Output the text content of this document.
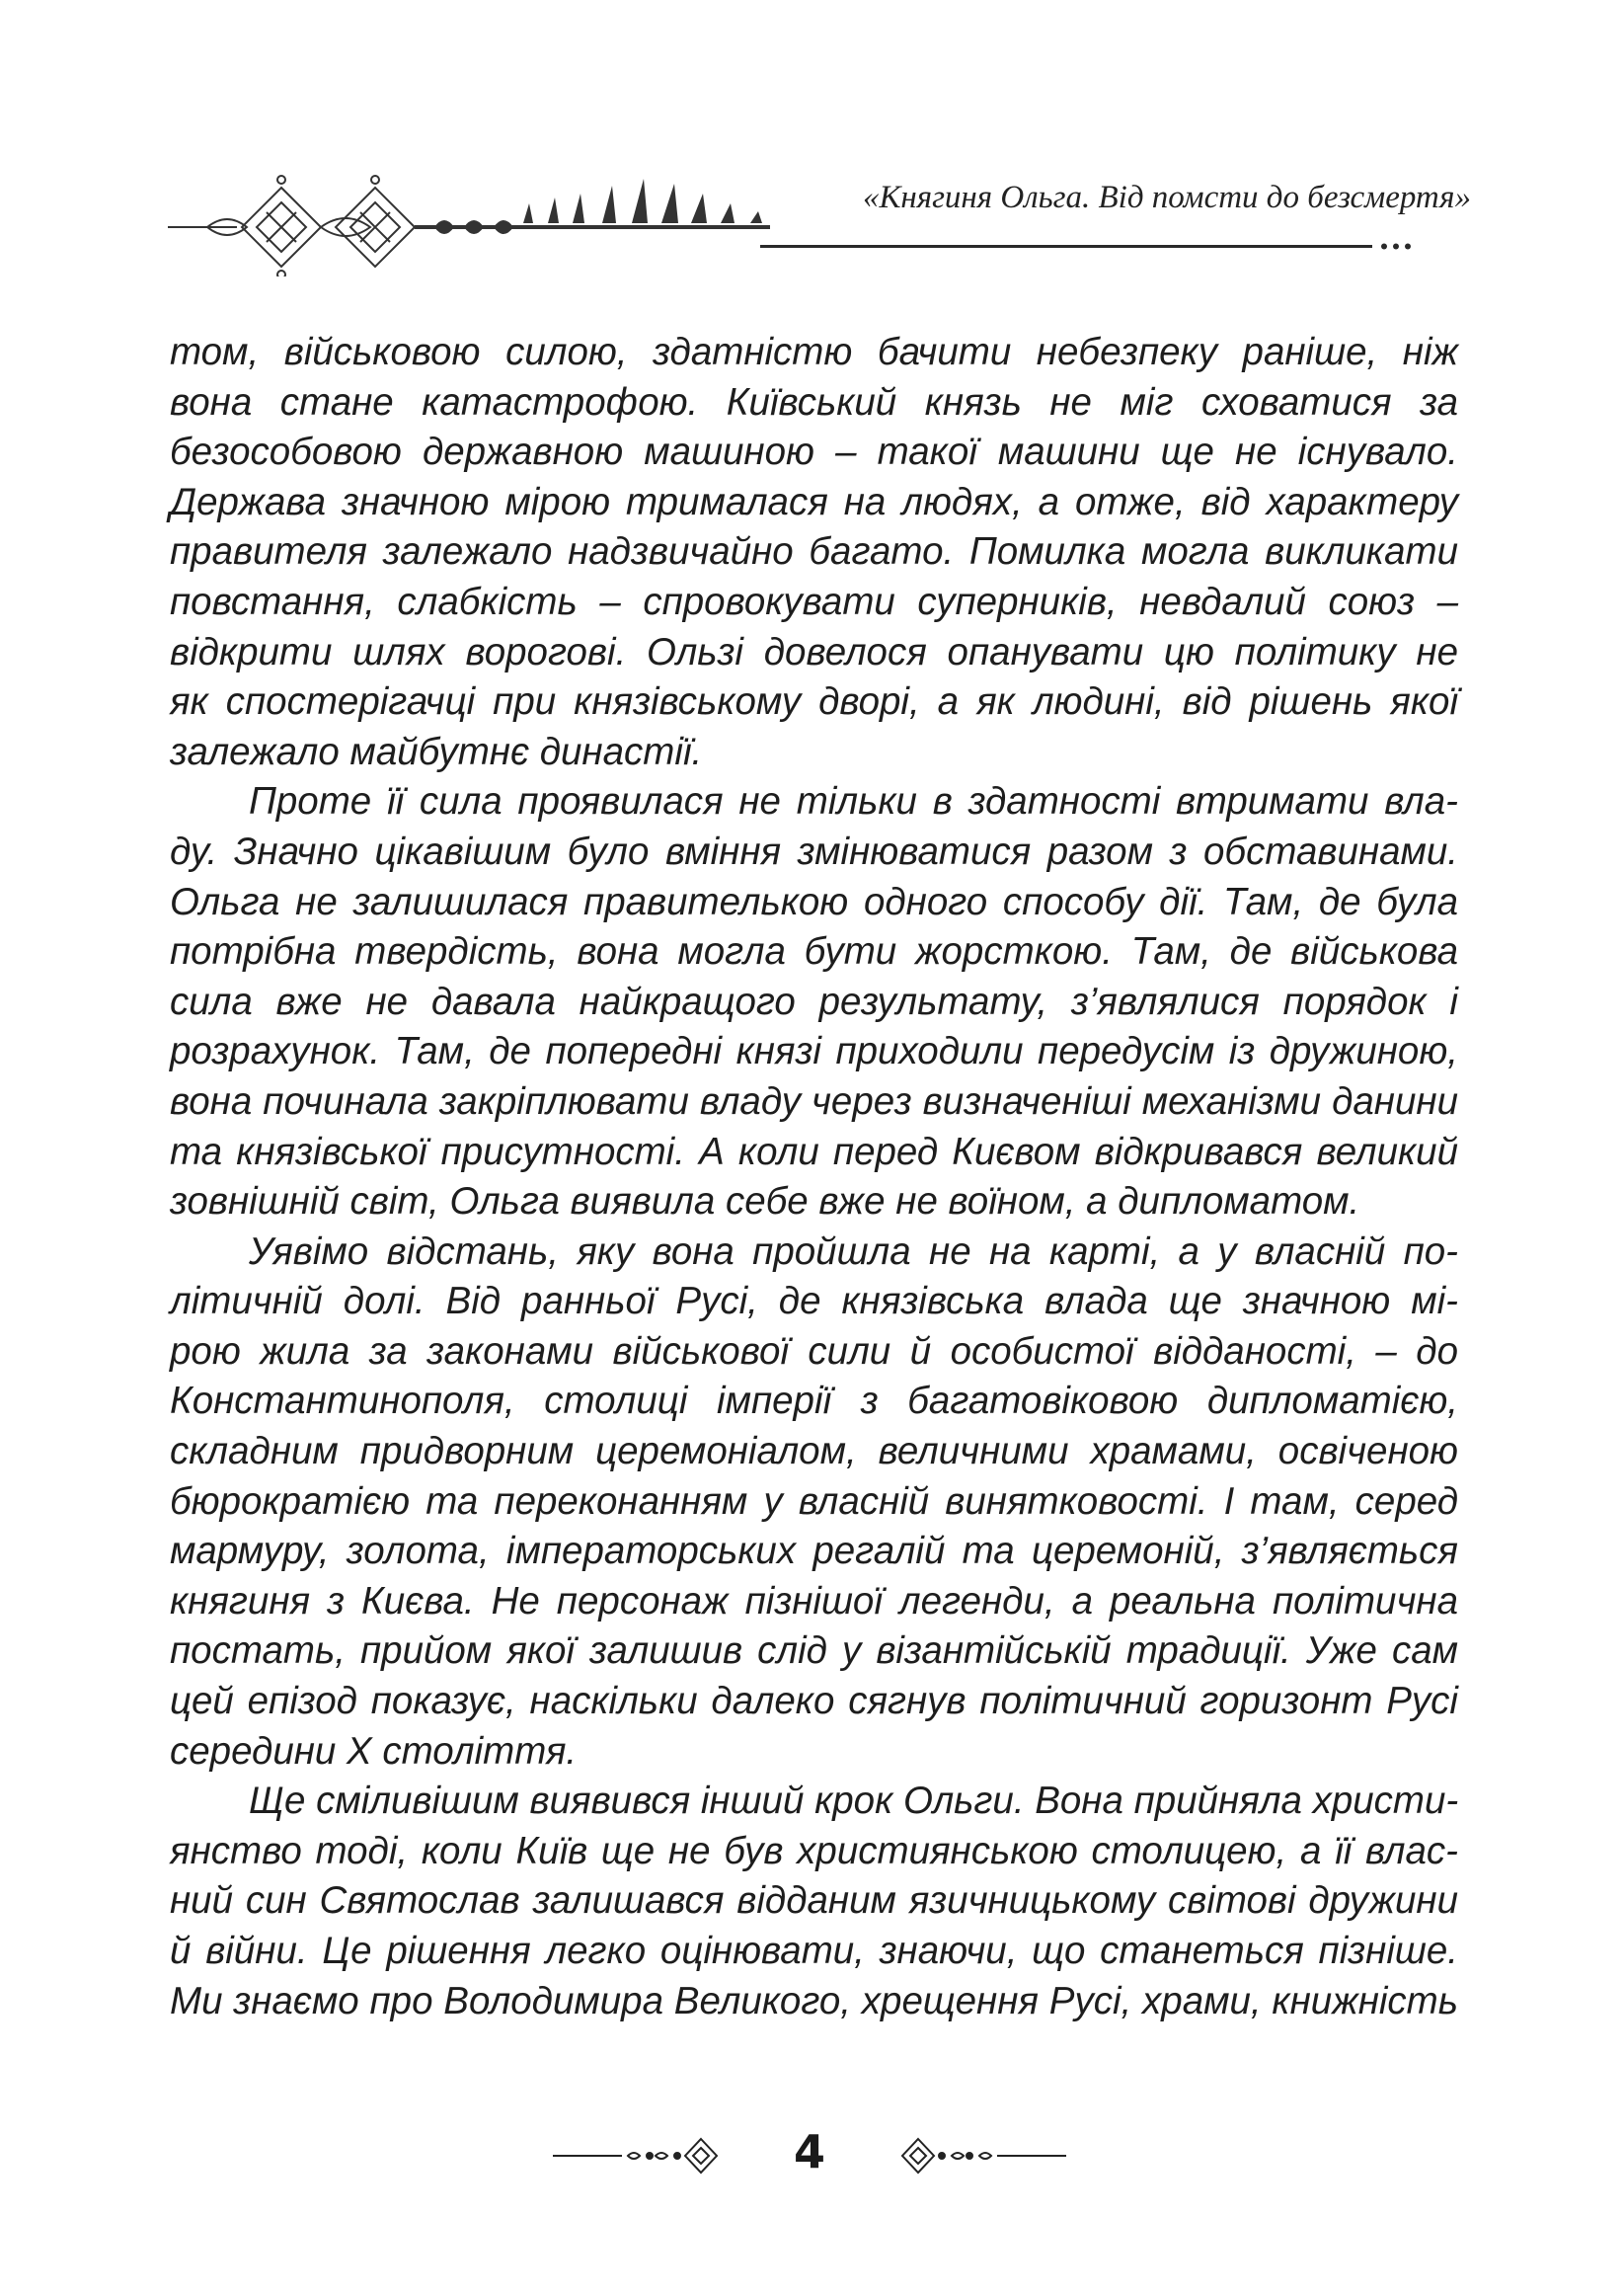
«Княгиня Ольга. Від помсти до безсмертя»
том, військовою силою, здатністю бачити небезпеку раніше, ніж
вона стане катастрофою. Київський князь не міг сховатися за
безособовою державною машиною – такої машини ще не існувало.
Держава значною мірою трималася на людях, а отже, від характеру
правителя залежало надзвичайно багато. Помилка могла викликати
повстання, слабкість – спровокувати суперників, невдалий союз –
відкрити шлях ворогові. Ользі довелося опанувати цю політику не
як спостерігачці при князівському дворі, а як людині, від рішень якої
залежало майбутнє династії.
Проте її сила проявилася не тільки в здатності втримати вла-
ду. Значно цікавішим було вміння змінюватися разом з обставинами.
Ольга не залишилася правителькою одного способу дії. Там, де була
потрібна твердість, вона могла бути жорсткою. Там, де військова
сила вже не давала найкращого результату, з’являлися порядок і
розрахунок. Там, де попередні князі приходили передусім із дружиною,
вона починала закріплювати владу через визначеніші механізми данини
та князівської присутності. А коли перед Києвом відкривався великий
зовнішній світ, Ольга виявила себе вже не воїном, а дипломатом.
Уявімо відстань, яку вона пройшла не на карті, а у власній по-
літичній долі. Від ранньої Русі, де князівська влада ще значною мі-
рою жила за законами військової сили й особистої відданості, – до
Константинополя, столиці імперії з багатовіковою дипломатією,
складним придворним церемоніалом, величними храмами, освіченою
бюрократією та переконанням у власній винятковості. І там, серед
мармуру, золота, імператорських регалій та церемоній, з’являється
княгиня з Києва. Не персонаж пізнішої легенди, а реальна політична
постать, прийом якої залишив слід у візантійській традиції. Уже сам
цей епізод показує, наскільки далеко сягнув політичний горизонт Русі
середини X століття.
Ще сміливішим виявився інший крок Ольги. Вона прийняла христи-
янство тоді, коли Київ ще не був християнською столицею, а її влас-
ний син Святослав залишався відданим язичницькому світові дружини
й війни. Це рішення легко оцінювати, знаючи, що станеться пізніше.
Ми знаємо про Володимира Великого, хрещення Русі, храми, книжність
4
